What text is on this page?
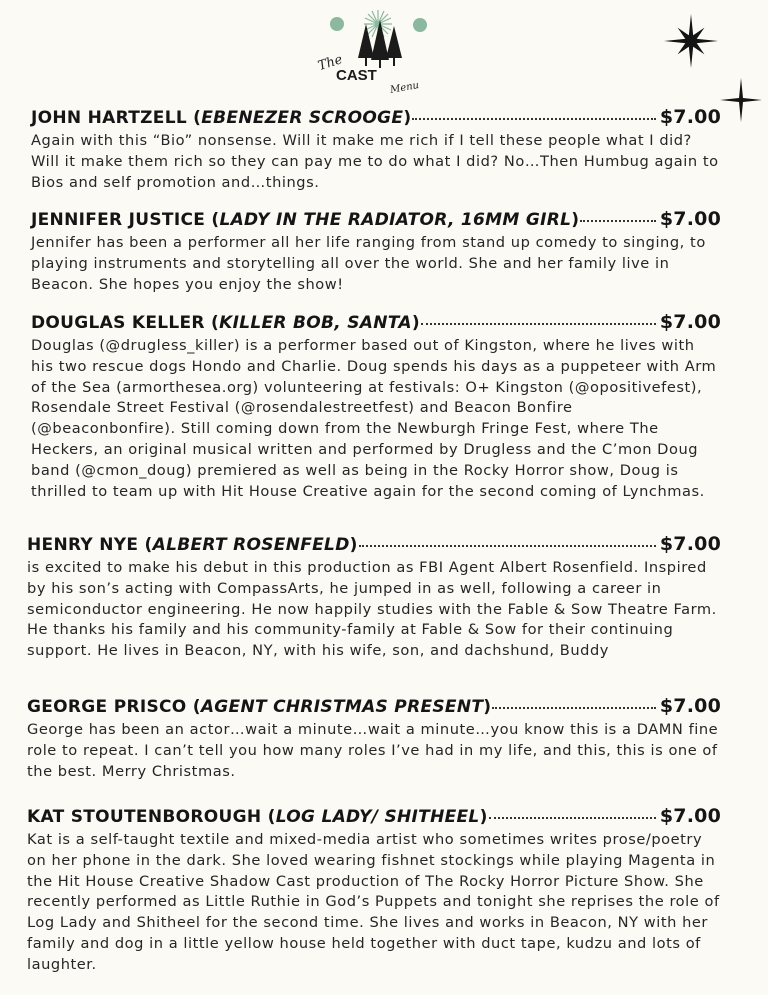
The
CAST
Menu
JOHN HARTZELL (EBENEZER SCROOGE)	$7.00
Again with this “Bio” nonsense. Will it make me rich if I tell these people what I did? Will it make them rich so they can pay me to do what I did? No…Then Humbug again to Bios and self promotion and…things.
JENNIFER JUSTICE (LADY IN THE RADIATOR, 16MM GIRL)	$7.00
Jennifer has been a performer all her life ranging from stand up comedy to singing, to playing instruments and storytelling all over the world. She and her family live in Beacon. She hopes you enjoy the show!
DOUGLAS KELLER (KILLER BOB, SANTA)	$7.00
Douglas (@drugless_killer) is a performer based out of Kingston, where he lives with his two rescue dogs Hondo and Charlie. Doug spends his days as a puppeteer with Arm of the Sea (armorthesea.org) volunteering at festivals: O+ Kingston (@opositivefest), Rosendale Street Festival (@rosendalestreetfest) and Beacon Bonfire (@beaconbonfire). Still coming down from the Newburgh Fringe Fest, where The Heckers, an original musical written and performed by Drugless and the C’mon Doug band (@cmon_doug) premiered as well as being in the Rocky Horror show, Doug is thrilled to team up with Hit House Creative again for the second coming of Lynchmas.
HENRY NYE (ALBERT ROSENFELD)	$7.00
is excited to make his debut in this production as FBI Agent Albert Rosenfield. Inspired by his son’s acting with CompassArts, he jumped in as well, following a career in semiconductor engineering. He now happily studies with the Fable & Sow Theatre Farm. He thanks his family and his community-family at Fable & Sow for their continuing support. He lives in Beacon, NY, with his wife, son, and dachshund, Buddy
GEORGE PRISCO (AGENT CHRISTMAS PRESENT)	$7.00
George has been an actor…wait a minute…wait a minute…you know this is a DAMN fine role to repeat. I can’t tell you how many roles I’ve had in my life, and this, this is one of the best. Merry Christmas.
KAT STOUTENBOROUGH (LOG LADY/ SHITHEEL)	$7.00
Kat is a self-taught textile and mixed-media artist who sometimes writes prose/poetry on her phone in the dark. She loved wearing fishnet stockings while playing Magenta in the Hit House Creative Shadow Cast production of The Rocky Horror Picture Show. She recently performed as Little Ruthie in God’s Puppets and tonight she reprises the role of Log Lady and Shitheel for the second time. She lives and works in Beacon, NY with her family and dog in a little yellow house held together with duct tape, kudzu and lots of laughter.
